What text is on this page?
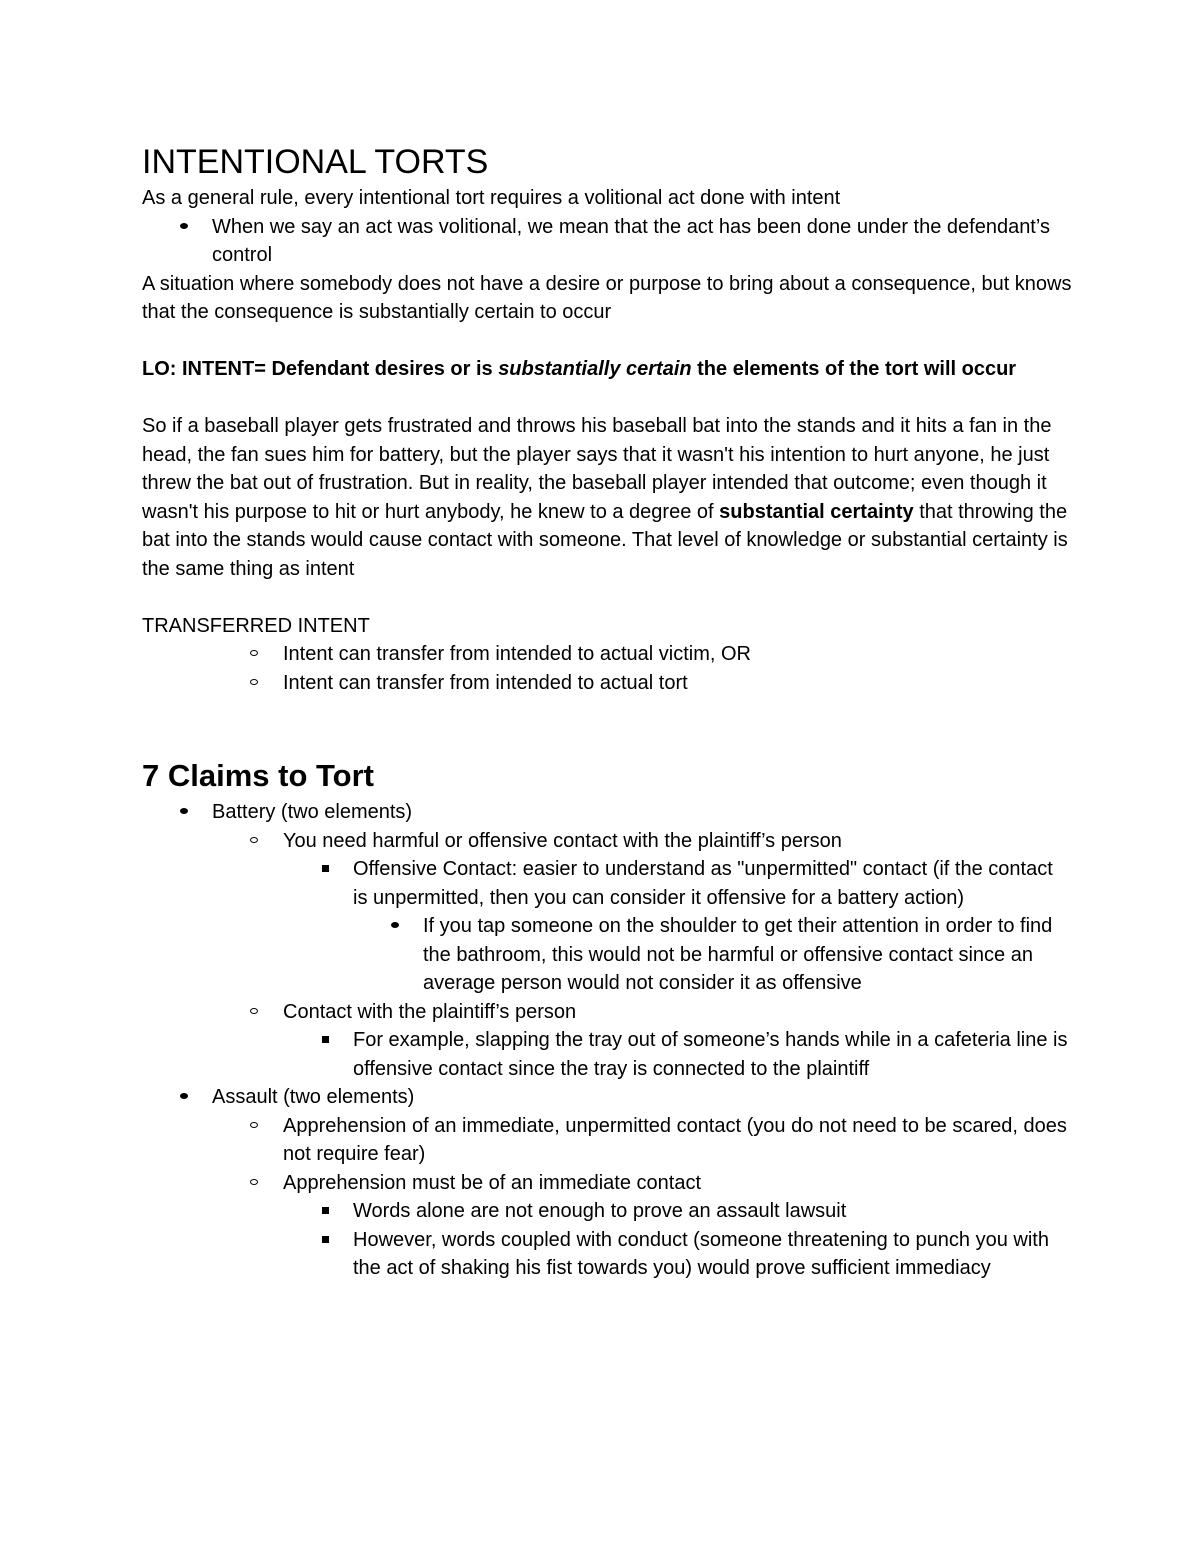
INTENTIONAL TORTS

As a general rule, every intentional tort requires a volitional act done with intent

When we say an act was volitional, we mean that the act has been done under the defendant’s control

A situation where somebody does not have a desire or purpose to bring about a consequence, but knows that the consequence is substantially certain to occur

LO: INTENT= Defendant desires or is substantially certain the elements of the tort will occur

So if a baseball player gets frustrated and throws his baseball bat into the stands and it hits a fan in the head, the fan sues him for battery, but the player says that it wasn't his intention to hurt anyone, he just threw the bat out of frustration. But in reality, the baseball player intended that outcome; even though it wasn't his purpose to hit or hurt anybody, he knew to a degree of substantial certainty that throwing the bat into the stands would cause contact with someone. That level of knowledge or substantial certainty is the same thing as intent

TRANSFERRED INTENT

Intent can transfer from intended to actual victim, OR
Intent can transfer from intended to actual tort
7 Claims to Tort
Battery (two elements)
You need harmful or offensive contact with the plaintiff’s person
Offensive Contact: easier to understand as "unpermitted" contact (if the contact is unpermitted, then you can consider it offensive for a battery action)
If you tap someone on the shoulder to get their attention in order to find the bathroom, this would not be harmful or offensive contact since an average person would not consider it as offensive
Contact with the plaintiff’s person
For example, slapping the tray out of someone’s hands while in a cafeteria line is offensive contact since the tray is connected to the plaintiff
Assault (two elements)
Apprehension of an immediate, unpermitted contact (you do not need to be scared, does not require fear)
Apprehension must be of an immediate contact
Words alone are not enough to prove an assault lawsuit
However, words coupled with conduct (someone threatening to punch you with the act of shaking his fist towards you) would prove sufficient immediacy
